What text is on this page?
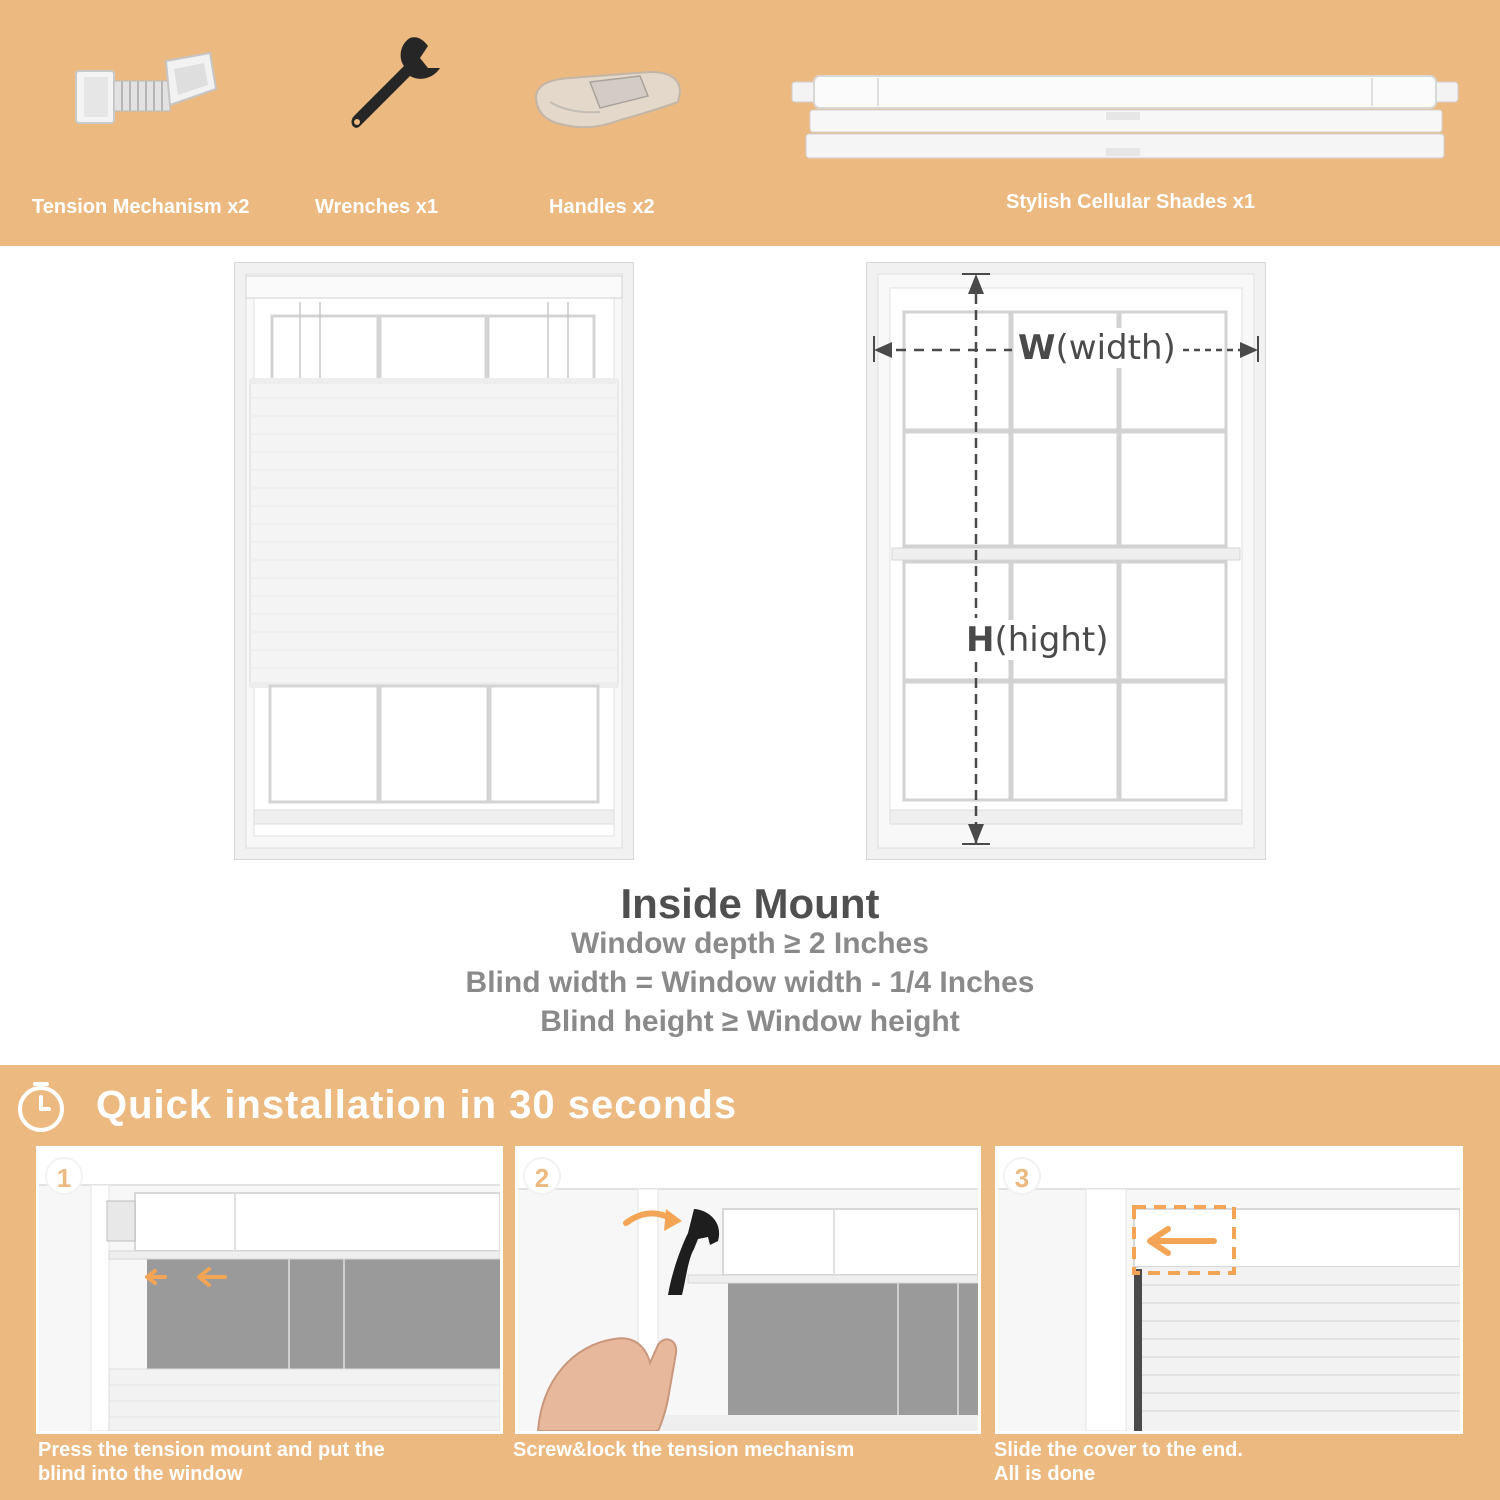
Tension Mechanism x2	Wrenches x1	Handles x2	Stylish Cellular Shades x1
W(width)
H(hight)
Inside Mount
Window depth ≥ 2 Inches
Blind width = Window width - 1/4 Inches
Blind height ≥ Window height
Quick installation in 30 seconds
1
Press the tension mount and put the
blind into the window
2
Screw&lock the tension mechanism
3
Slide the cover to the end.
All is done
